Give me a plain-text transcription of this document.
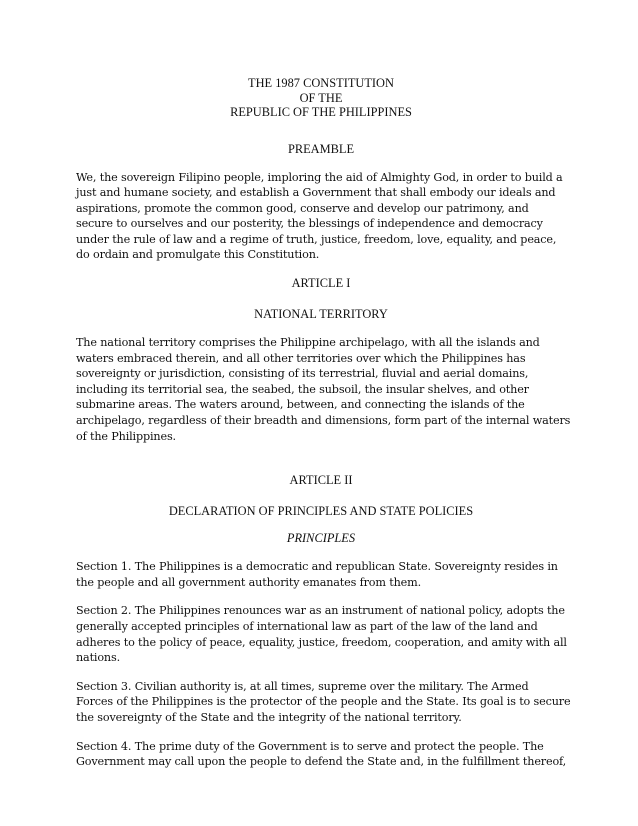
THE 1987 CONSTITUTION
OF THE
REPUBLIC OF THE PHILIPPINES
PREAMBLE

We, the sovereign Filipino people, imploring the aid of Almighty God, in order to build a
just and humane society, and establish a Government that shall embody our ideals and
aspirations, promote the common good, conserve and develop our patrimony, and
secure to ourselves and our posterity, the blessings of independence and democracy
under the rule of law and a regime of truth, justice, freedom, love, equality, and peace,
do ordain and promulgate this Constitution.

ARTICLE I
NATIONAL TERRITORY

The national territory comprises the Philippine archipelago, with all the islands and
waters embraced therein, and all other territories over which the Philippines has
sovereignty or jurisdiction, consisting of its terrestrial, fluvial and aerial domains,
including its territorial sea, the seabed, the subsoil, the insular shelves, and other
submarine areas. The waters around, between, and connecting the islands of the
archipelago, regardless of their breadth and dimensions, form part of the internal waters
of the Philippines.

ARTICLE II
DECLARATION OF PRINCIPLES AND STATE POLICIES
PRINCIPLES

Section 1. The Philippines is a democratic and republican State. Sovereignty resides in
the people and all government authority emanates from them.

Section 2. The Philippines renounces war as an instrument of national policy, adopts the
generally accepted principles of international law as part of the law of the land and
adheres to the policy of peace, equality, justice, freedom, cooperation, and amity with all
nations.

Section 3. Civilian authority is, at all times, supreme over the military. The Armed
Forces of the Philippines is the protector of the people and the State. Its goal is to secure
the sovereignty of the State and the integrity of the national territory.

Section 4. The prime duty of the Government is to serve and protect the people. The
Government may call upon the people to defend the State and, in the fulfillment thereof,
